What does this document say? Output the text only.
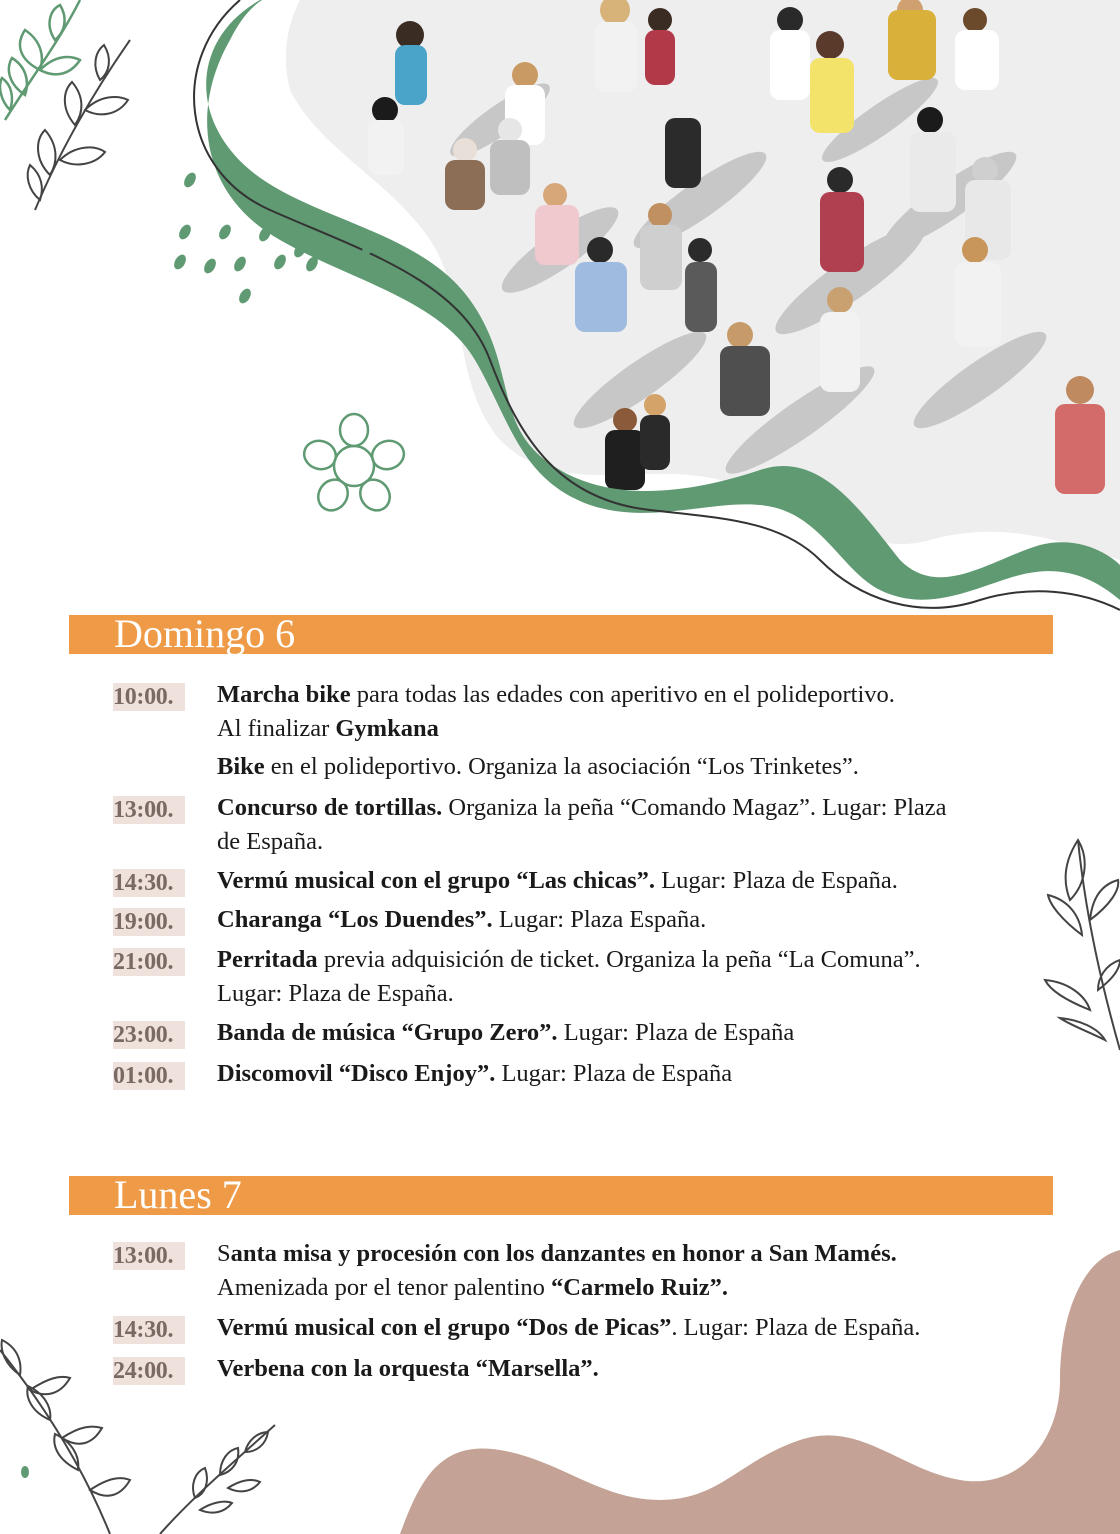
Domingo 6
10:00.	Marcha bike para todas las edades con aperitivo en el polideportivo.
Al finalizar Gymkana
Bike en el polideportivo. Organiza la asociación “Los Trinketes”.
13:00.	Concurso de tortillas. Organiza la peña “Comando Magaz”. Lugar: Plaza
de España.
14:30.	Vermú musical con el grupo “Las chicas”. Lugar: Plaza de España.
19:00.	Charanga “Los Duendes”. Lugar: Plaza España.
21:00.	Perritada previa adquisición de ticket. Organiza la peña “La Comuna”.
Lugar: Plaza de España.
23:00.	Banda de música “Grupo Zero”. Lugar: Plaza de España
01:00.	Discomovil “Disco Enjoy”. Lugar: Plaza de España
Lunes 7
13:00.	Santa misa y procesión con los danzantes en honor a San Mamés.
Amenizada por el tenor palentino “Carmelo Ruiz”.
14:30.	Vermú musical con el grupo “Dos de Picas”. Lugar: Plaza de España.
24:00.	Verbena con la orquesta “Marsella”.
